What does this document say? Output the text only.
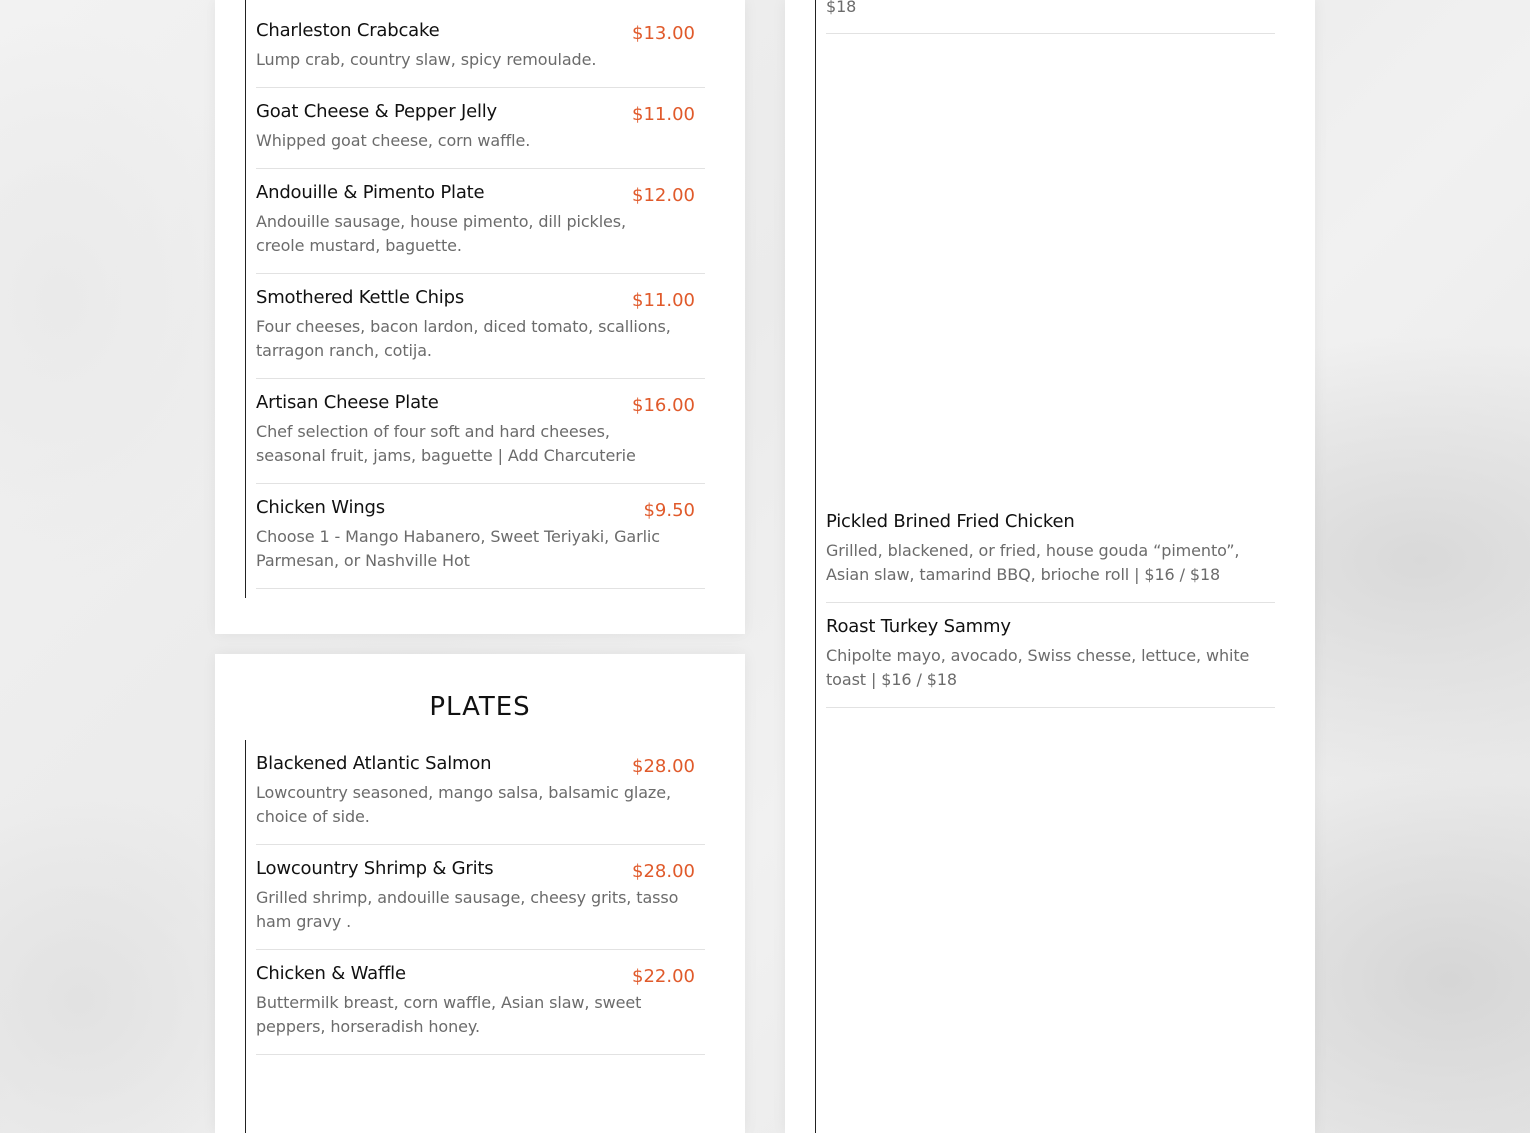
Charleston Crabcake	$13.00
Lump crab, country slaw, spicy remoulade.
Goat Cheese & Pepper Jelly	$11.00
Whipped goat cheese, corn waffle.
Andouille & Pimento Plate	$12.00
Andouille sausage, house pimento, dill pickles, creole mustard, baguette.
Smothered Kettle Chips	$11.00
Four cheeses, bacon lardon, diced tomato, scallions, tarragon ranch, cotija.
Artisan Cheese Plate	$16.00
Chef selection of four soft and hard cheeses, seasonal fruit, jams, baguette | Add Charcuterie
Chicken Wings	$9.50
Choose 1 - Mango Habanero, Sweet Teriyaki, Garlic Parmesan, or Nashville Hot
PLATES
Blackened Atlantic Salmon	$28.00
Lowcountry seasoned, mango salsa, balsamic glaze, choice of side.
Lowcountry Shrimp & Grits	$28.00
Grilled shrimp, andouille sausage, cheesy grits, tasso ham gravy .
Chicken & Waffle	$22.00
Buttermilk breast, corn waffle, Asian slaw, sweet peppers, horseradish honey.
$18
Pickled Brined Fried Chicken
Grilled, blackened, or fried, house gouda “pimento”, Asian slaw, tamarind BBQ, brioche roll | $16 / $18
Roast Turkey Sammy
Chipolte mayo, avocado, Swiss chesse, lettuce, white toast | $16 / $18
